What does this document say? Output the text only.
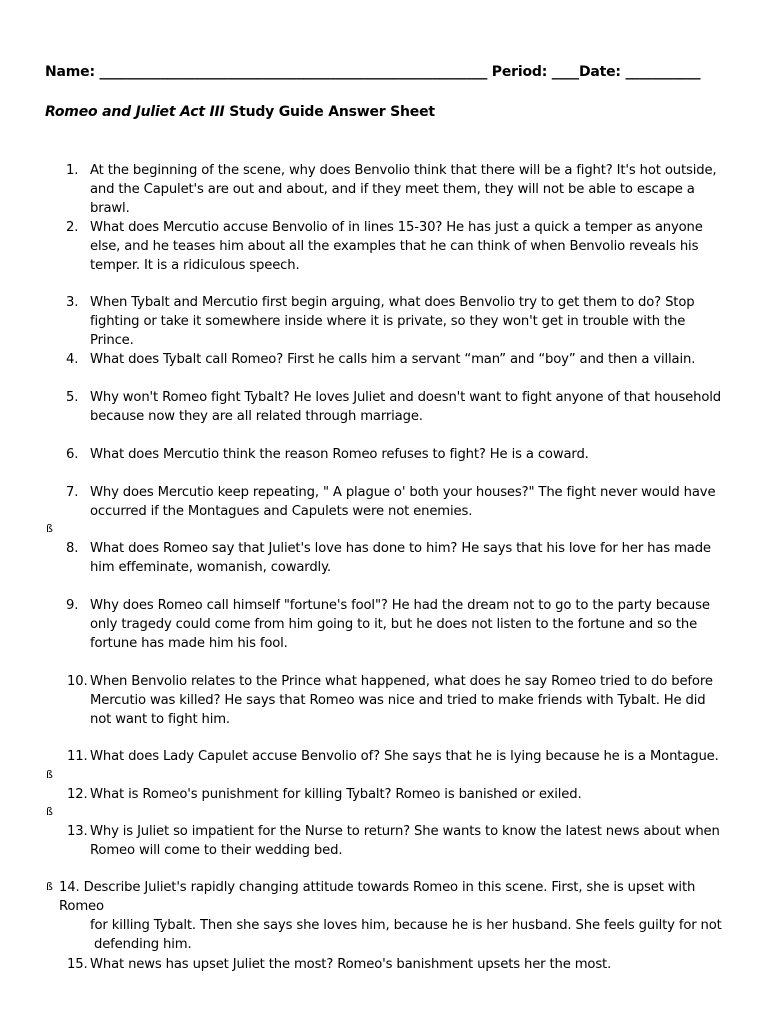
Name: _________________________________________________________ Period: ____Date: ___________
Romeo and Juliet Act III Study Guide Answer Sheet
1. At the beginning of the scene, why does Benvolio think that there will be a fight? It's hot outside, and the Capulet's are out and about, and if they meet them, they will not be able to escape a brawl.
2. What does Mercutio accuse Benvolio of in lines 15-30? He has just a quick a temper as anyone else, and he teases him about all the examples that he can think of when Benvolio reveals his temper. It is a ridiculous speech.
3. When Tybalt and Mercutio first begin arguing, what does Benvolio try to get them to do? Stop fighting or take it somewhere inside where it is private, so they won't get in trouble with the Prince.
4. What does Tybalt call Romeo? First he calls him a servant “man” and “boy” and then a villain.
5. Why won't Romeo fight Tybalt? He loves Juliet and doesn't want to fight anyone of that household because now they are all related through marriage.
6. What does Mercutio think the reason Romeo refuses to fight? He is a coward.
7. Why does Mercutio keep repeating, " A plague o' both your houses?" The fight never would have occurred if the Montagues and Capulets were not enemies.
ß
8. What does Romeo say that Juliet's love has done to him? He says that his love for her has made him effeminate, womanish, cowardly.
9. Why does Romeo call himself "fortune's fool"? He had the dream not to go to the party because only tragedy could come from him going to it, but he does not listen to the fortune and so the fortune has made him his fool.
10. When Benvolio relates to the Prince what happened, what does he say Romeo tried to do before Mercutio was killed? He says that Romeo was nice and tried to make friends with Tybalt. He did not want to fight him.
11. What does Lady Capulet accuse Benvolio of? She says that he is lying because he is a Montague.
ß
12. What is Romeo's punishment for killing Tybalt? Romeo is banished or exiled.
ß
13. Why is Juliet so impatient for the Nurse to return? She wants to know the latest news about when Romeo will come to their wedding bed.
ß 14. Describe Juliet's rapidly changing attitude towards Romeo in this scene. First, she is upset with Romeo
for killing Tybalt. Then she says she loves him, because he is her husband. She feels guilty for not
defending him.
15. What news has upset Juliet the most? Romeo's banishment upsets her the most.
